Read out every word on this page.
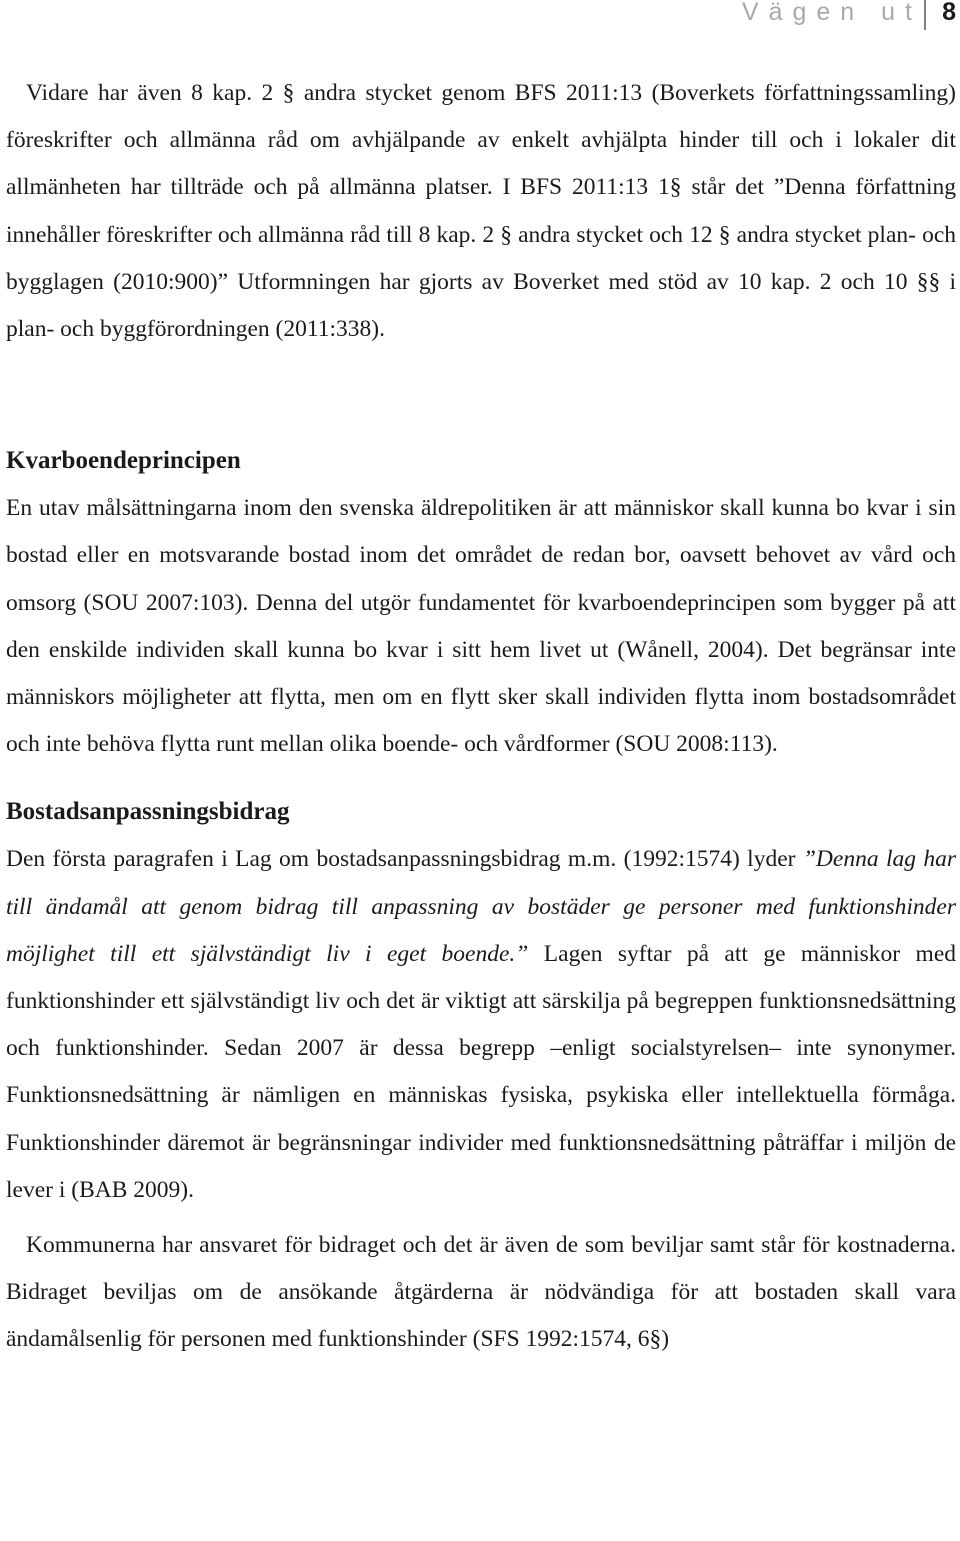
Vägen ut 8

Vidare har även 8 kap. 2 § andra stycket genom BFS 2011:13 (Boverkets författningssamling) föreskrifter och allmänna råd om avhjälpande av enkelt avhjälpta hinder till och i lokaler dit allmänheten har tillträde och på allmänna platser. I BFS 2011:13 1§ står det ”Denna författning innehåller föreskrifter och allmänna råd till 8 kap. 2 § andra stycket och 12 § andra stycket plan- och bygglagen (2010:900)” Utformningen har gjorts av Boverket med stöd av 10 kap. 2 och 10 §§ i plan- och byggförordningen (2011:338).

Kvarboendeprincipen

En utav målsättningarna inom den svenska äldrepolitiken är att människor skall kunna bo kvar i sin bostad eller en motsvarande bostad inom det området de redan bor, oavsett behovet av vård och omsorg (SOU 2007:103). Denna del utgör fundamentet för kvarboendeprincipen som bygger på att den enskilde individen skall kunna bo kvar i sitt hem livet ut (Wånell, 2004). Det begränsar inte människors möjligheter att flytta, men om en flytt sker skall individen flytta inom bostadsområdet och inte behöva flytta runt mellan olika boende- och vårdformer (SOU 2008:113).

Bostadsanpassningsbidrag

Den första paragrafen i Lag om bostadsanpassningsbidrag m.m. (1992:1574) lyder ”Denna lag har till ändamål att genom bidrag till anpassning av bostäder ge personer med funktionshinder möjlighet till ett självständigt liv i eget boende.” Lagen syftar på att ge människor med funktionshinder ett självständigt liv och det är viktigt att särskilja på begreppen funktionsnedsättning och funktionshinder. Sedan 2007 är dessa begrepp –enligt socialstyrelsen– inte synonymer. Funktionsnedsättning är nämligen en människas fysiska, psykiska eller intellektuella förmåga. Funktionshinder däremot är begränsningar individer med funktionsnedsättning påträffar i miljön de lever i (BAB 2009).

Kommunerna har ansvaret för bidraget och det är även de som beviljar samt står för kostnaderna. Bidraget beviljas om de ansökande åtgärderna är nödvändiga för att bostaden skall vara ändamålsenlig för personen med funktionshinder (SFS 1992:1574, 6§)
